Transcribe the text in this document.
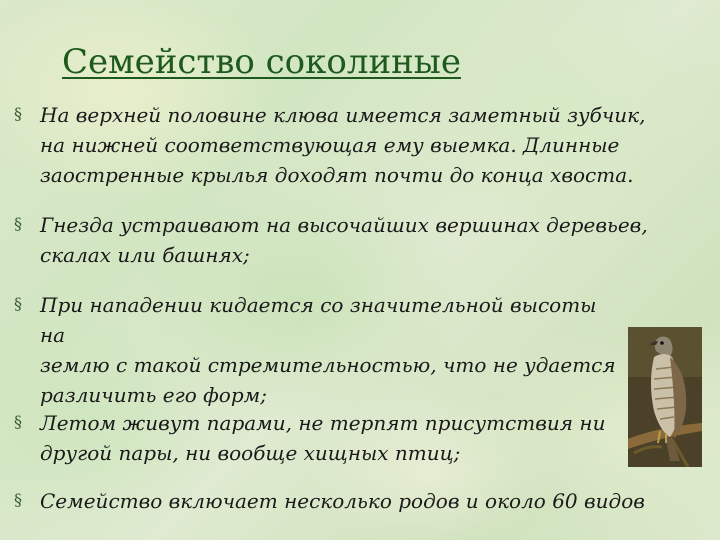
Семейство соколиные
§ На верхней половине клюва имеется заметный зубчик,
на нижней соответствующая ему выемка. Длинные
заостренные крылья доходят почти до конца хвоста.
§ Гнезда устраивают на высочайших вершинах деревьев,
скалах или башнях;
§ При нападении кидается со значительной высоты на
землю с такой стремительностью, что не удается
различить его форм;
§ Летом живут парами, не терпят присутствия ни
другой пары, ни вообще хищных птиц;
§ Семейство включает несколько родов и около 60 видов
